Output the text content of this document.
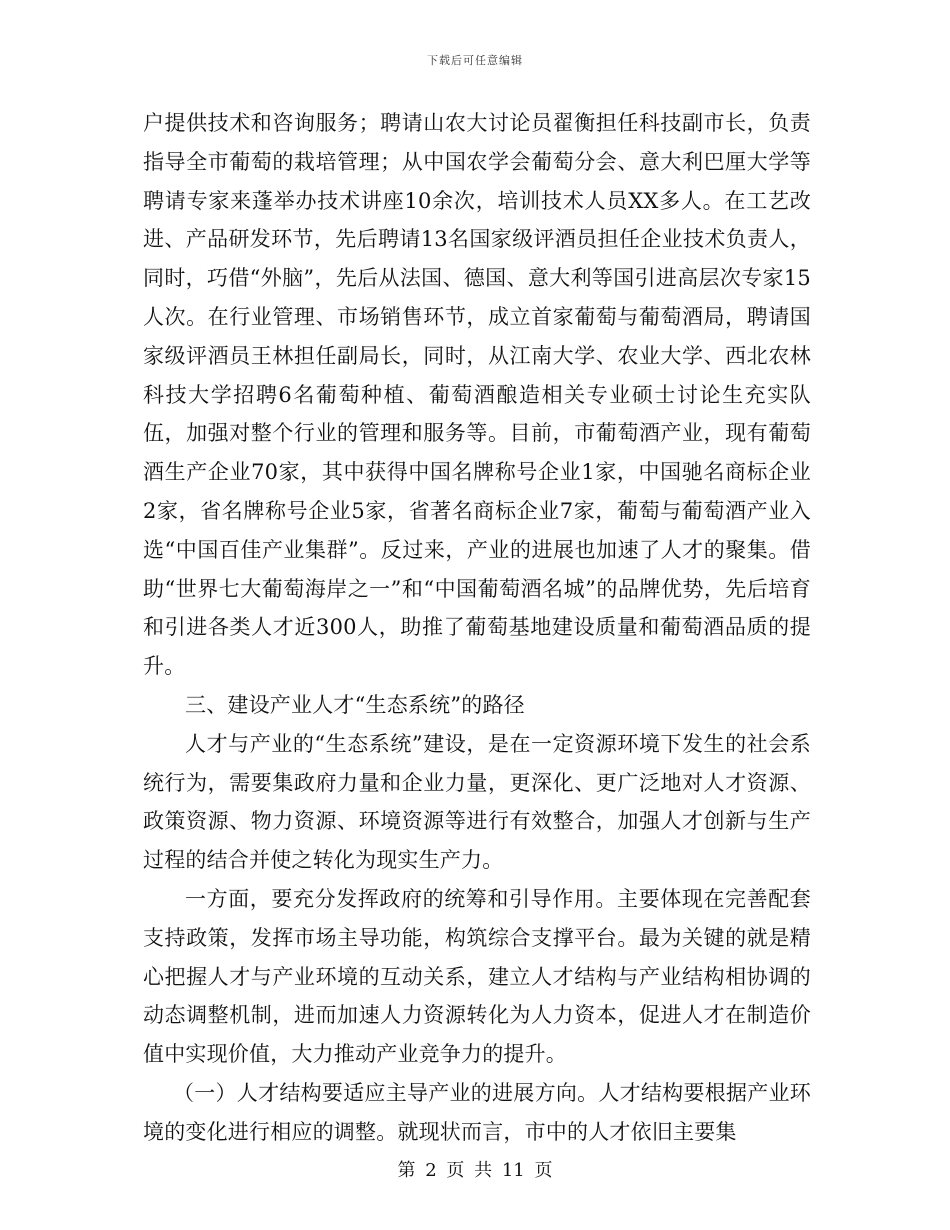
下载后可任意编辑

户提供技术和咨询服务；聘请山农大讨论员翟衡担任科技副市长，负责指导全市葡萄的栽培管理；从中国农学会葡萄分会、意大利巴厘大学等聘请专家来蓬举办技术讲座10余次，培训技术人员XX多人。在工艺改进、产品研发环节，先后聘请13名国家级评酒员担任企业技术负责人，同时，巧借“外脑”，先后从法国、德国、意大利等国引进高层次专家15人次。在行业管理、市场销售环节，成立首家葡萄与葡萄酒局，聘请国家级评酒员王林担任副局长，同时，从江南大学、农业大学、西北农林科技大学招聘6名葡萄种植、葡萄酒酿造相关专业硕士讨论生充实队伍，加强对整个行业的管理和服务等。目前，市葡萄酒产业，现有葡萄酒生产企业70家，其中获得中国名牌称号企业1家，中国驰名商标企业2家，省名牌称号企业5家，省著名商标企业7家，葡萄与葡萄酒产业入选“中国百佳产业集群”。反过来，产业的进展也加速了人才的聚集。借助“世界七大葡萄海岸之一”和“中国葡萄酒名城”的品牌优势，先后培育和引进各类人才近300人，助推了葡萄基地建设质量和葡萄酒品质的提升。

三、建设产业人才“生态系统”的路径

人才与产业的“生态系统”建设，是在一定资源环境下发生的社会系统行为，需要集政府力量和企业力量，更深化、更广泛地对人才资源、政策资源、物力资源、环境资源等进行有效整合，加强人才创新与生产过程的结合并使之转化为现实生产力。

一方面，要充分发挥政府的统筹和引导作用。主要体现在完善配套支持政策，发挥市场主导功能，构筑综合支撑平台。最为关键的就是精心把握人才与产业环境的互动关系，建立人才结构与产业结构相协调的动态调整机制，进而加速人力资源转化为人力资本，促进人才在制造价值中实现价值，大力推动产业竞争力的提升。

（一）人才结构要适应主导产业的进展方向。人才结构要根据产业环境的变化进行相应的调整。就现状而言，市中的人才依旧主要集

第 2 页 共 11 页
